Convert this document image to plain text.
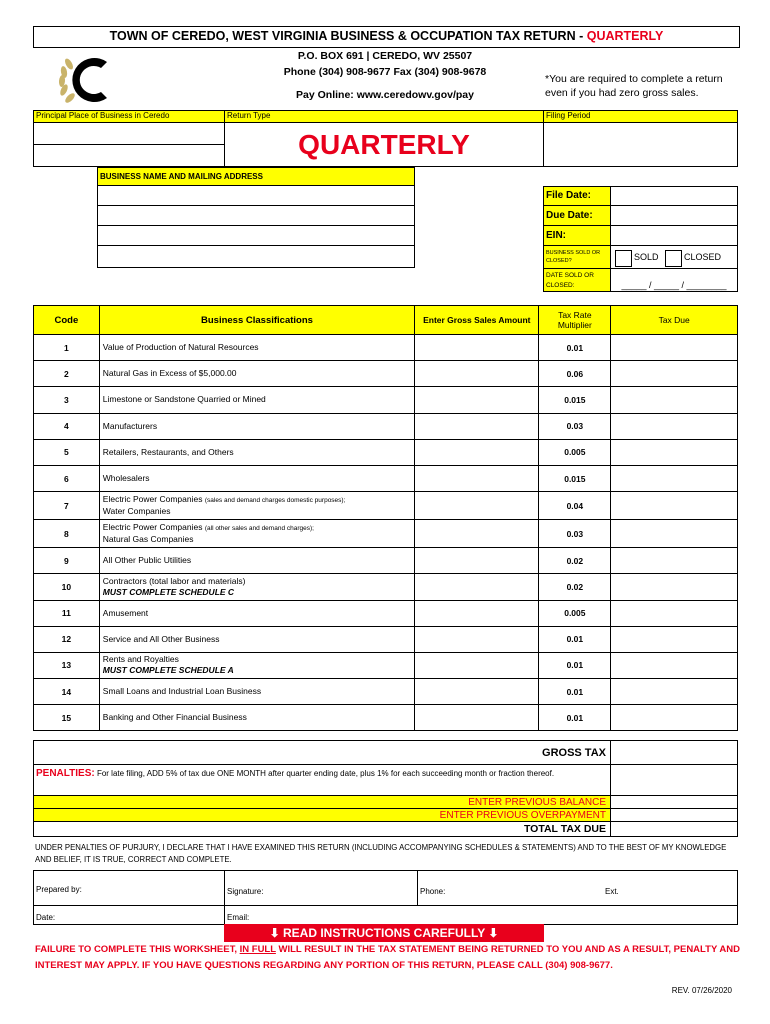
TOWN OF CEREDO, WEST VIRGINIA BUSINESS & OCCUPATION TAX RETURN - QUARTERLY
P.O. BOX 691 | CEREDO, WV 25507
Phone (304) 908-9677 Fax (304) 908-9678
Pay Online: www.ceredowv.gov/pay
*You are required to complete a return even if you had zero gross sales.
Principal Place of Business in Ceredo	Return Type
QUARTERLY
Filing Period
BUSINESS NAME AND MAILING ADDRESS
File Date:
Due Date:
EIN:
BUSINESS SOLD OR CLOSED?	SOLD	CLOSED
DATE SOLD OR CLOSED:	_____ / _____ / ________
Code	Business Classifications	Enter Gross Sales Amount	Tax Rate Multiplier	Tax Due
1	Value of Production of Natural Resources		0.01	
2	Natural Gas in Excess of $5,000.00		0.06	
3	Limestone or Sandstone Quarried or Mined		0.015	
4	Manufacturers		0.03	
5	Retailers, Restaurants, and Others		0.005	
6	Wholesalers		0.015	
7	Electric Power Companies (sales and demand charges domestic purposes);
Water Companies		0.04	
8	Electric Power Companies (all other sales and demand charges);
Natural Gas Companies		0.03	
9	All Other Public Utilities		0.02	
10	Contractors (total labor and materials)
MUST COMPLETE SCHEDULE C		0.02	
11	Amusement		0.005	
12	Service and All Other Business		0.01	
13	Rents and Royalties
MUST COMPLETE SCHEDULE A		0.01	
14	Small Loans and Industrial Loan Business		0.01	
15	Banking and Other Financial Business		0.01	
GROSS TAX
PENALTIES: For late filing, ADD 5% of tax due ONE MONTH after quarter ending date, plus 1% for each succeeding month or fraction thereof.
ENTER PREVIOUS BALANCE
ENTER PREVIOUS OVERPAYMENT
TOTAL TAX DUE
UNDER PENALTIES OF PURJURY, I DECLARE THAT I HAVE EXAMINED THIS RETURN (INCLUDING ACCOMPANYING SCHEDULES & STATEMENTS) AND TO THE BEST OF MY KNOWLEDGE AND BELIEF, IT IS TRUE, CORRECT AND COMPLETE.
Prepared by:	Signature:	Phone:	Ext.
Date:	Email:
⬇ READ INSTRUCTIONS CAREFULLY ⬇
FAILURE TO COMPLETE THIS WORKSHEET, IN FULL WILL RESULT IN THE TAX STATEMENT BEING RETURNED TO YOU AND AS A RESULT, PENALTY AND INTEREST MAY APPLY. IF YOU HAVE QUESTIONS REGARDING ANY PORTION OF THIS RETURN, PLEASE CALL (304) 908-9677.
REV. 07/26/2020
